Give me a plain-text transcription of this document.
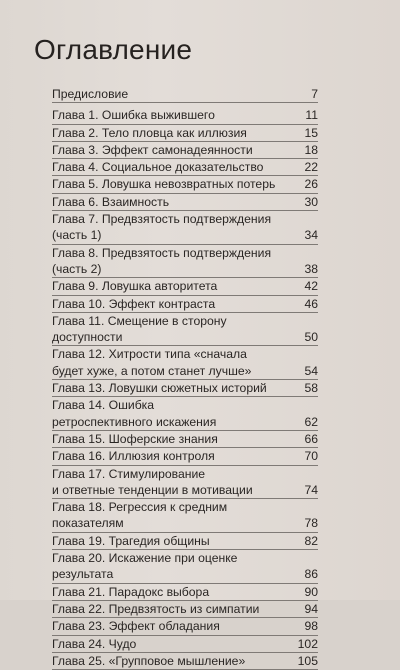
Оглавление
Предисловие	7
Глава 1. Ошибка выжившего	11
Глава 2. Тело пловца как иллюзия	15
Глава 3. Эффект самонадеянности	18
Глава 4. Социальное доказательство	22
Глава 5. Ловушка невозвратных потерь	26
Глава 6. Взаимность	30
Глава 7. Предвзятость подтверждения (часть 1)	34
Глава 8. Предвзятость подтверждения (часть 2)	38
Глава 9. Ловушка авторитета	42
Глава 10. Эффект контраста	46
Глава 11. Смещение в сторону доступности	50
Глава 12. Хитрости типа «сначала
будет хуже, а потом станет лучше»	54
Глава 13. Ловушки сюжетных историй	58
Глава 14. Ошибка
ретроспективного искажения	62
Глава 15. Шоферские знания	66
Глава 16. Иллюзия контроля	70
Глава 17. Стимулирование
и ответные тенденции в мотивации	74
Глава 18. Регрессия к средним показателям	78
Глава 19. Трагедия общины	82
Глава 20. Искажение при оценке результата	86
Глава 21. Парадокс выбора	90
Глава 22. Предвзятость из симпатии	94
Глава 23. Эффект обладания	98
Глава 24. Чудо	102
Глава 25. «Групповое мышление»	105
